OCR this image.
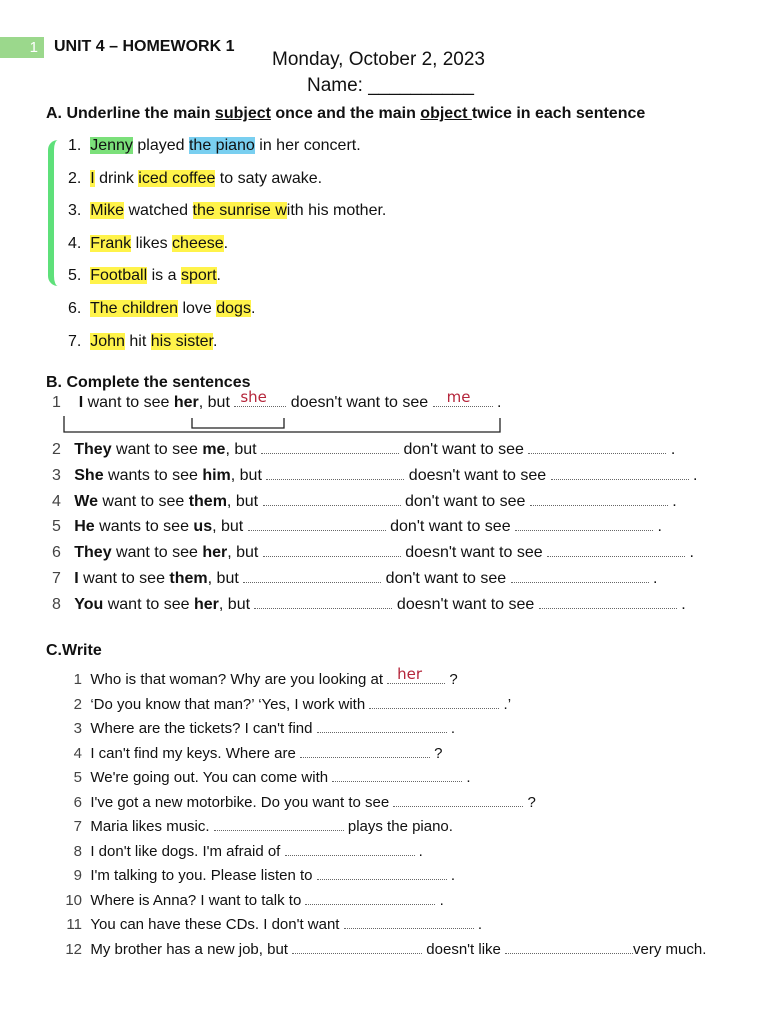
1	UNIT 4 – HOMEWORK 1
Monday, October 2, 2023
Name: __________
A. Underline the main subject once and the main object twice in each sentence
1. Jenny played the piano in her concert.
2. I drink iced coffee to saty awake.
3. Mike watched the sunrise with his mother.
4. Frank likes cheese.
5. Football is a sport.
6. The children love dogs.
7. John hit his sister.
B. Complete the sentences
1 I want to see her, but she doesn't want to see me .
2 They want to see me, but	don't want to see	.
3 She wants to see him, but	doesn't want to see	.
4 We want to see them, but	don't want to see	.
5 He wants to see us, but	don't want to see	.
6 They want to see her, but	doesn't want to see	.
7 I want to see them, but	don't want to see	.
8 You want to see her, but	doesn't want to see	.
C.Write
1 Who is that woman? Why are you looking at her ?
2 ‘Do you know that man?’ ‘Yes, I work with	.’
3 Where are the tickets? I can't find	.
4 I can't find my keys. Where are	?
5 We're going out. You can come with	.
6 I've got a new motorbike. Do you want to see	?
7 Maria likes music.	plays the piano.
8 I don't like dogs. I'm afraid of	.
9 I'm talking to you. Please listen to	.
10 Where is Anna? I want to talk to	.
11 You can have these CDs. I don't want	.
12 My brother has a new job, but	doesn't like	very much.
